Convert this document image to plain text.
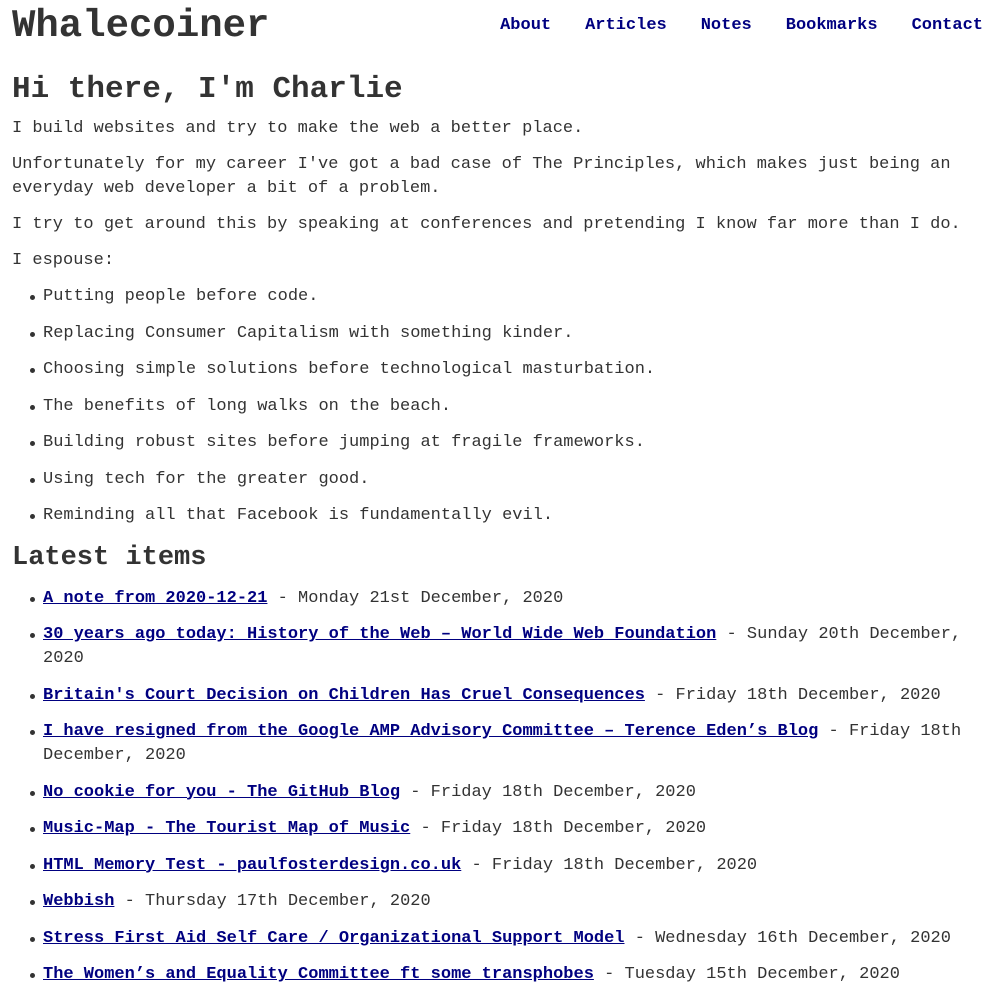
Whalecoiner	About Articles Notes Bookmarks Contact
Hi there, I'm Charlie

I build websites and try to make the web a better place.

Unfortunately for my career I've got a bad case of The Principles, which makes just being an everyday web developer a bit of a problem.

I try to get around this by speaking at conferences and pretending I know far more than I do.

I espouse:

Putting people before code.
Replacing Consumer Capitalism with something kinder.
Choosing simple solutions before technological masturbation.
The benefits of long walks on the beach.
Building robust sites before jumping at fragile frameworks.
Using tech for the greater good.
Reminding all that Facebook is fundamentally evil.
Latest items
A note from 2020-12-21 - Monday 21st December, 2020
30 years ago today: History of the Web – World Wide Web Foundation - Sunday 20th December, 2020
Britain's Court Decision on Children Has Cruel Consequences - Friday 18th December, 2020
I have resigned from the Google AMP Advisory Committee – Terence Eden’s Blog - Friday 18th December, 2020
No cookie for you - The GitHub Blog - Friday 18th December, 2020
Music-Map - The Tourist Map of Music - Friday 18th December, 2020
HTML Memory Test - paulfosterdesign.co.uk - Friday 18th December, 2020
Webbish - Thursday 17th December, 2020
Stress First Aid Self Care / Organizational Support Model - Wednesday 16th December, 2020
The Women’s and Equality Committee ft some transphobes - Tuesday 15th December, 2020
